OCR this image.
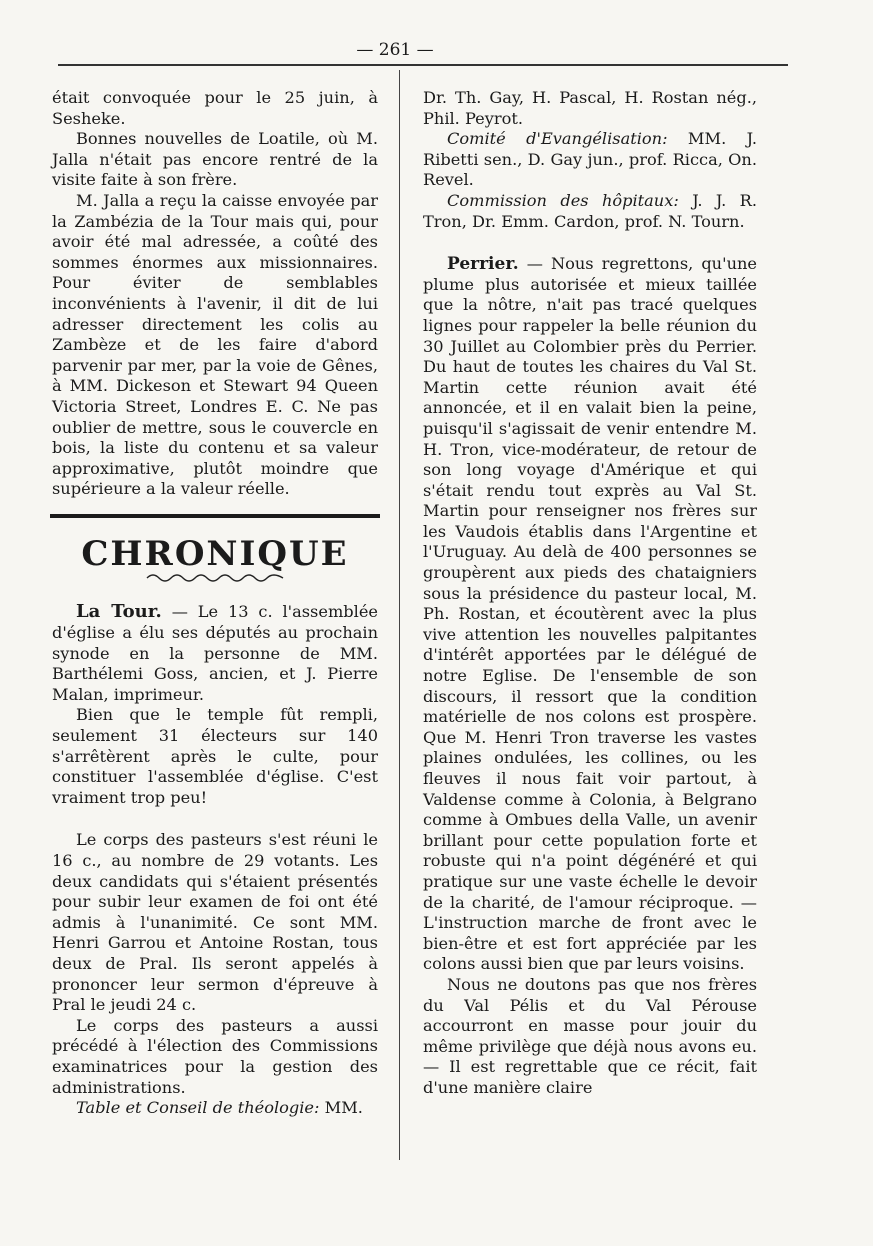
— 261 —

était convoquée pour le 25 juin, à Sesheke.

Bonnes nouvelles de Loatile, où M. Jalla n'était pas encore rentré de la visite faite à son frère.

M. Jalla a reçu la caisse envoyée par la Zambézia de la Tour mais qui, pour avoir été mal adressée, a coûté des sommes énormes aux missionnaires. Pour éviter de semblables inconvénients à l'avenir, il dit de lui adresser directement les colis au Zambèze et de les faire d'abord parvenir par mer, par la voie de Gênes, à MM. Dickeson et Stewart 94 Queen Victoria Street, Londres E. C. Ne pas oublier de mettre, sous le couvercle en bois, la liste du contenu et sa valeur approximative, plutôt moindre que supérieure a la valeur réelle.

CHRONIQUE

La Tour. — Le 13 c. l'assemblée d'église a élu ses députés au prochain synode en la personne de MM. Barthélemi Goss, ancien, et J. Pierre Malan, imprimeur.

Bien que le temple fût rempli, seulement 31 électeurs sur 140 s'arrêtèrent après le culte, pour constituer l'assemblée d'église. C'est vraiment trop peu!

Le corps des pasteurs s'est réuni le 16 c., au nombre de 29 votants. Les deux candidats qui s'étaient présentés pour subir leur examen de foi ont été admis à l'unanimité. Ce sont MM. Henri Garrou et Antoine Rostan, tous deux de Pral. Ils seront appelés à prononcer leur sermon d'épreuve à Pral le jeudi 24 c.

Le corps des pasteurs a aussi précédé à l'élection des Commissions examinatrices pour la gestion des administrations.

Table et Conseil de théologie: MM.

Dr. Th. Gay, H. Pascal, H. Rostan nég., Phil. Peyrot.

Comité d'Evangélisation: MM. J. Ribetti sen., D. Gay jun., prof. Ricca, On. Revel.

Commission des hôpitaux: J. J. R. Tron, Dr. Emm. Cardon, prof. N. Tourn.

Perrier. — Nous regrettons, qu'une plume plus autorisée et mieux taillée que la nôtre, n'ait pas tracé quelques lignes pour rappeler la belle réunion du 30 Juillet au Colombier près du Perrier. Du haut de toutes les chaires du Val St. Martin cette réunion avait été annoncée, et il en valait bien la peine, puisqu'il s'agissait de venir entendre M. H. Tron, vice-modérateur, de retour de son long voyage d'Amérique et qui s'était rendu tout exprès au Val St. Martin pour renseigner nos frères sur les Vaudois établis dans l'Argentine et l'Uruguay. Au delà de 400 personnes se groupèrent aux pieds des chataigniers sous la présidence du pasteur local, M. Ph. Rostan, et écoutèrent avec la plus vive attention les nouvelles palpitantes d'intérêt apportées par le délégué de notre Eglise. De l'ensemble de son discours, il ressort que la condition matérielle de nos colons est prospère. Que M. Henri Tron traverse les vastes plaines ondulées, les collines, ou les fleuves il nous fait voir partout, à Valdense comme à Colonia, à Belgrano comme à Ombues della Valle, un avenir brillant pour cette population forte et robuste qui n'a point dégénéré et qui pratique sur une vaste échelle le devoir de la charité, de l'amour réciproque. — L'instruction marche de front avec le bien-être et est fort appréciée par les colons aussi bien que par leurs voisins.

Nous ne doutons pas que nos frères du Val Pélis et du Val Pérouse accourront en masse pour jouir du même privilège que déjà nous avons eu. — Il est regrettable que ce récit, fait d'une manière claire
